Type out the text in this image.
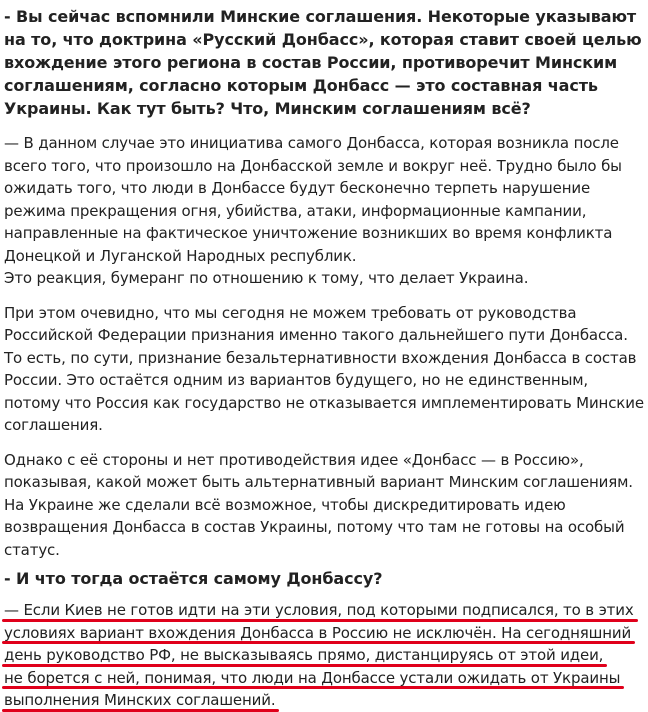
- Вы сейчас вспомнили Минские соглашения. Некоторые указывают на то, что доктрина «Русский Донбасс», которая ставит своей целью вхождение этого региона в состав России, противоречит Минским соглашениям, согласно которым Донбасс — это составная часть Украины. Как тут быть? Что, Минским соглашениям всё?

— В данном случае это инициатива самого Донбасса, которая возникла после всего того, что произошло на Донбасской земле и вокруг неё. Трудно было бы ожидать того, что люди в Донбассе будут бесконечно терпеть нарушение режима прекращения огня, убийства, атаки, информационные кампании, направленные на фактическое уничтожение возникших во время конфликта Донецкой и Луганской Народных республик.

Это реакция, бумеранг по отношению к тому, что делает Украина.

При этом очевидно, что мы сегодня не можем требовать от руководства Российской Федерации признания именно такого дальнейшего пути Донбасса. То есть, по сути, признание безальтернативности вхождения Донбасса в состав России. Это остаётся одним из вариантов будущего, но не единственным, потому что Россия как государство не отказывается имплементировать Минские соглашения.

Однако с её стороны и нет противодействия идее «Донбасс — в Россию», показывая, какой может быть альтернативный вариант Минским соглашениям. На Украине же сделали всё возможное, чтобы дискредитировать идею возвращения Донбасса в состав Украины, потому что там не готовы на особый статус.

- И что тогда остаётся самому Донбассу?

— Если Киев не готов идти на эти условия, под которыми подписался, то в этих
условиях вариант вхождения Донбасса в Россию не исключён. На сегодняшний
день руководство РФ, не высказываясь прямо, дистанцируясь от этой идеи,
не борется с ней, понимая, что люди на Донбассе устали ожидать от Украины
выполнения Минских соглашений.
